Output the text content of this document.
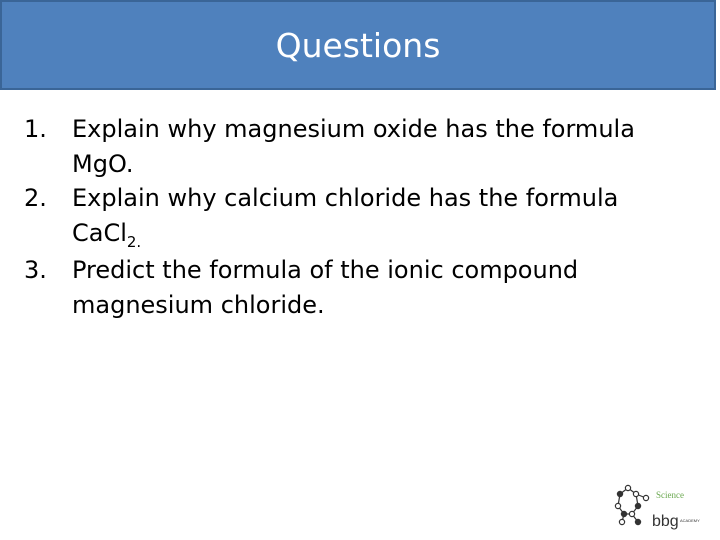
Questions
1. Explain why magnesium oxide has the formula
MgO.
2. Explain why calcium chloride has the formula
CaCl$_{2.}$
3. Predict the formula of the ionic compound
magnesium chloride.
Science
bbg ACADEMY
